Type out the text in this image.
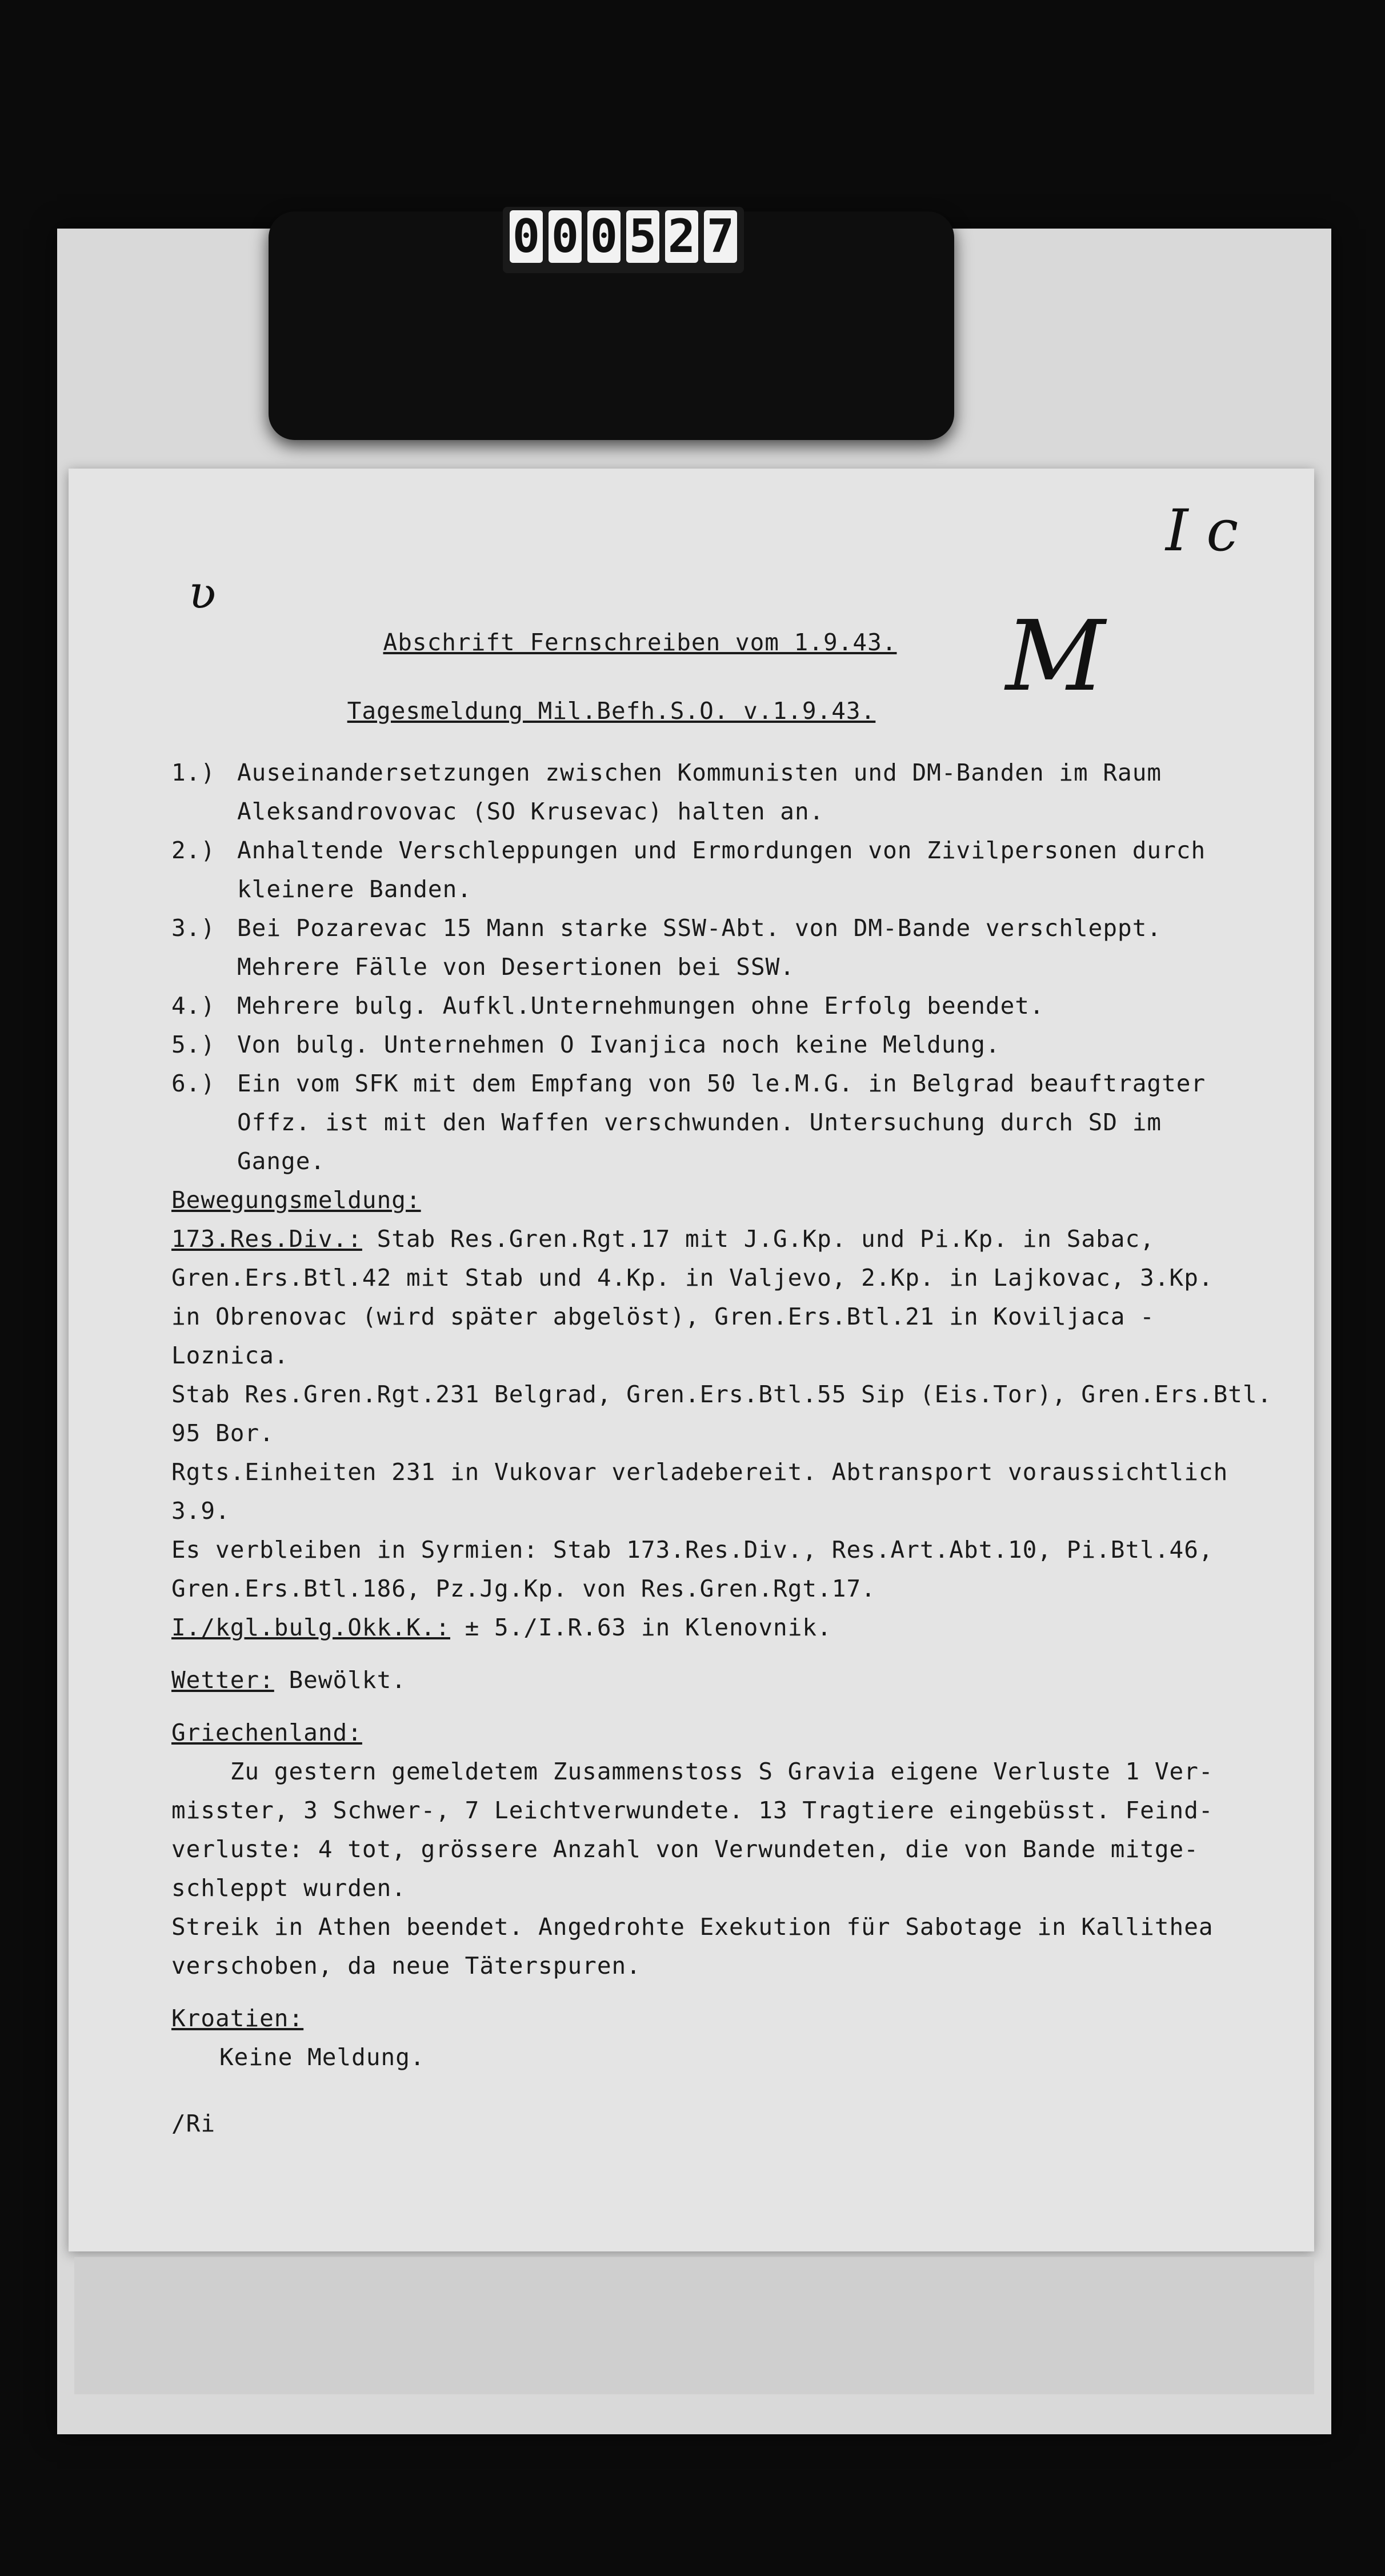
0 0 0 5 2 7
I c
ʋ
M

Abschrift Fernschreiben vom 1.9.43.

Tagesmeldung Mil.Befh.S.O. v.1.9.43.

1.) Auseinandersetzungen zwischen Kommunisten und DM-Banden im Raum
Aleksandrovovac (SO Krusevac) halten an.
2.) Anhaltende Verschleppungen und Ermordungen von Zivilpersonen durch
kleinere Banden.
3.) Bei Pozarevac 15 Mann starke SSW-Abt. von DM-Bande verschleppt.
Mehrere Fälle von Desertionen bei SSW.
4.) Mehrere bulg. Aufkl.Unternehmungen ohne Erfolg beendet.
5.) Von bulg. Unternehmen O Ivanjica noch keine Meldung.
6.) Ein vom SFK mit dem Empfang von 50 le.M.G. in Belgrad beauftragter
Offz. ist mit den Waffen verschwunden. Untersuchung durch SD im
Gange.
Bewegungsmeldung:
173.Res.Div.: Stab Res.Gren.Rgt.17 mit J.G.Kp. und Pi.Kp. in Sabac,
Gren.Ers.Btl.42 mit Stab und 4.Kp. in Valjevo, 2.Kp. in Lajkovac, 3.Kp.
in Obrenovac (wird später abgelöst), Gren.Ers.Btl.21 in Koviljaca -
Loznica.
Stab Res.Gren.Rgt.231 Belgrad, Gren.Ers.Btl.55 Sip (Eis.Tor), Gren.Ers.Btl.
95 Bor.
Rgts.Einheiten 231 in Vukovar verladebereit. Abtransport voraussichtlich
3.9.
Es verbleiben in Syrmien: Stab 173.Res.Div., Res.Art.Abt.10, Pi.Btl.46,
Gren.Ers.Btl.186, Pz.Jg.Kp. von Res.Gren.Rgt.17.
I./kgl.bulg.Okk.K.: ± 5./I.R.63 in Klenovnik.
Wetter: Bewölkt.
Griechenland:
Zu gestern gemeldetem Zusammenstoss S Gravia eigene Verluste 1 Ver-
misster, 3 Schwer-, 7 Leichtverwundete. 13 Tragtiere eingebüsst. Feind-
verluste: 4 tot, grössere Anzahl von Verwundeten, die von Bande mitge-
schleppt wurden.
Streik in Athen beendet. Angedrohte Exekution für Sabotage in Kallithea
verschoben, da neue Täterspuren.
Kroatien:
Keine Meldung.
/Ri
